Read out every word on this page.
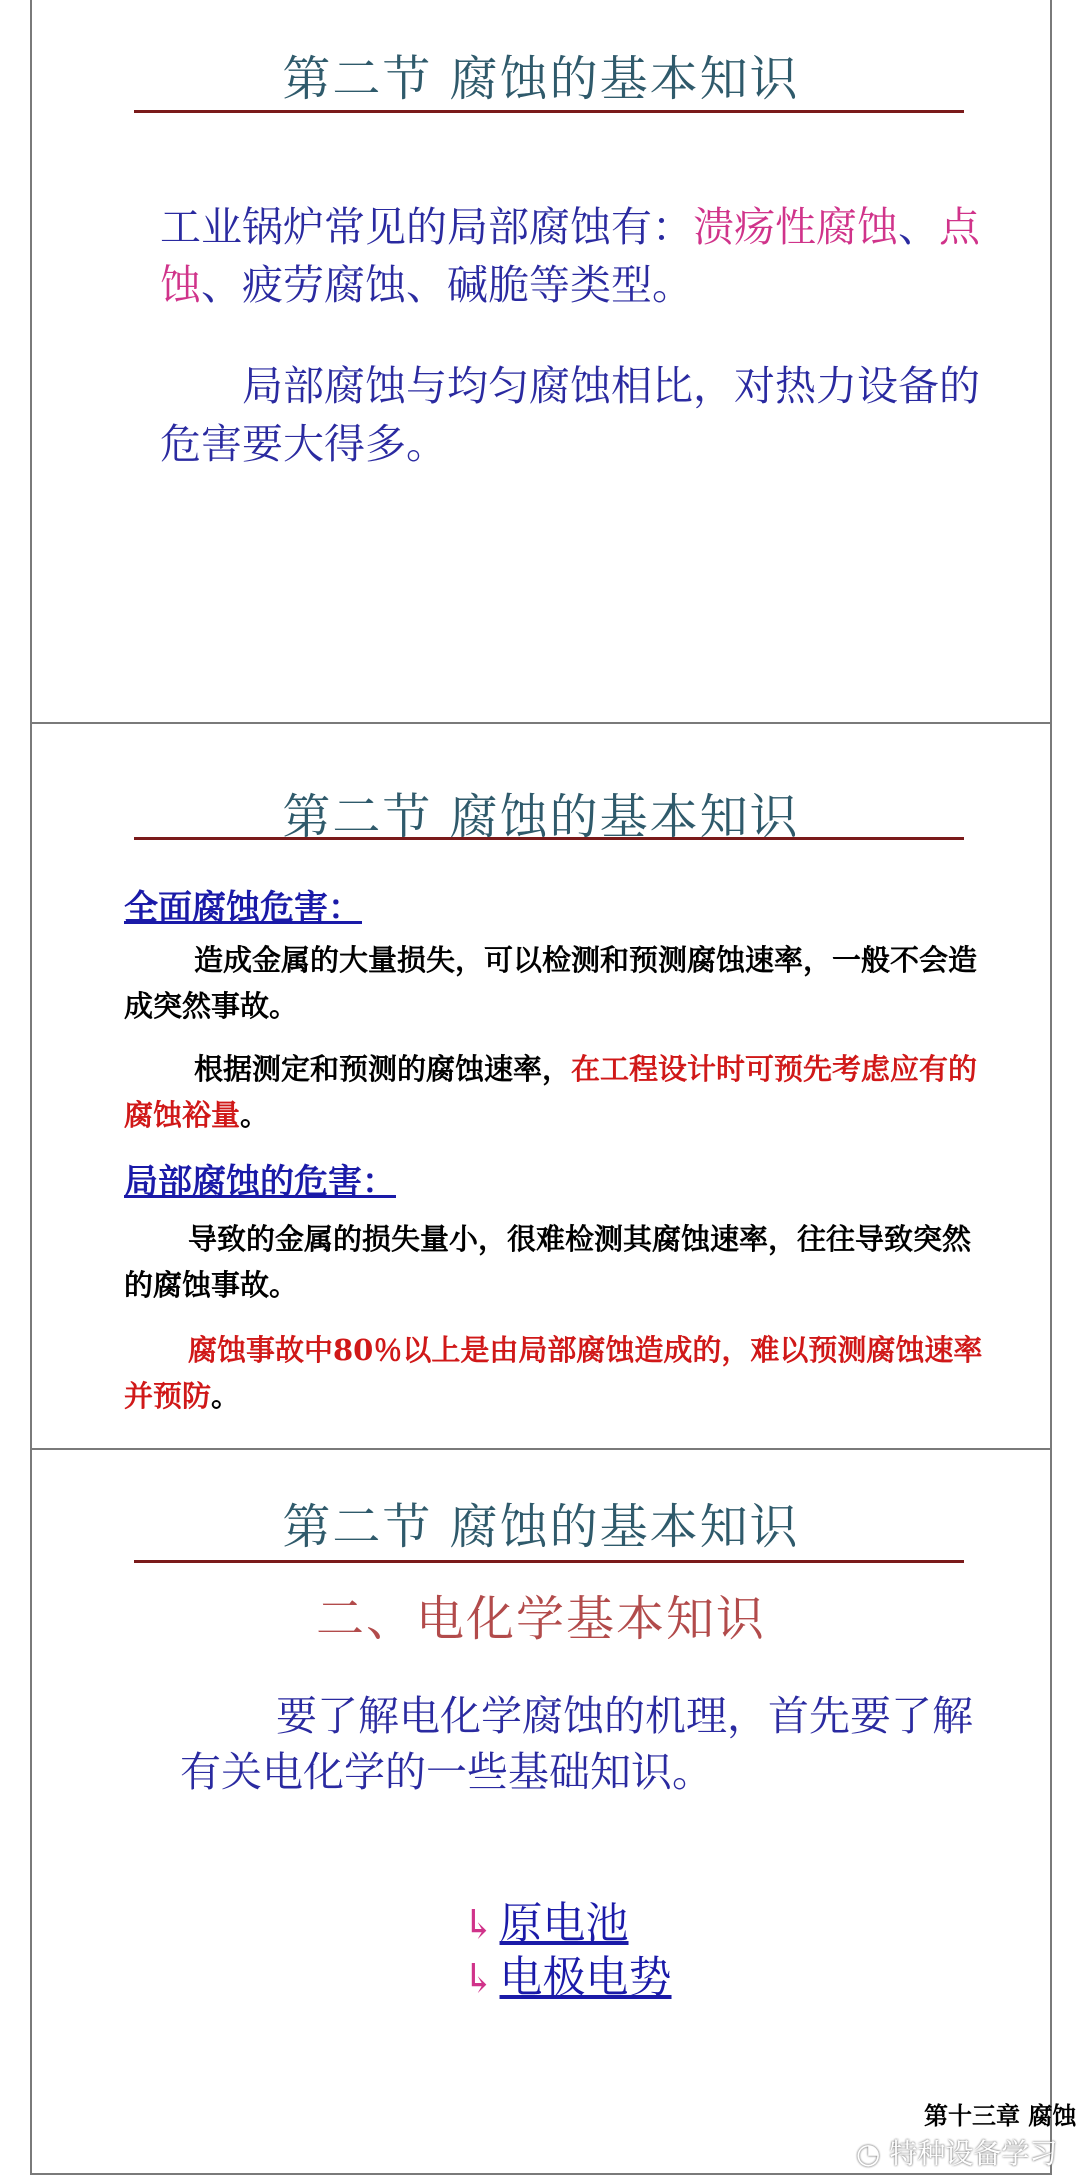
第二节 腐蚀的基本知识
工业锅炉常见的局部腐蚀有：溃疡性腐蚀、点蚀、疲劳腐蚀、碱脆等类型。
局部腐蚀与均匀腐蚀相比，对热力设备的危害要大得多。
第二节 腐蚀的基本知识
全面腐蚀危害：
造成金属的大量损失，可以检测和预测腐蚀速率，一般不会造成突然事故。
根据测定和预测的腐蚀速率，在工程设计时可预先考虑应有的腐蚀裕量。
局部腐蚀的危害：
导致的金属的损失量小，很难检测其腐蚀速率，往往导致突然的腐蚀事故。
腐蚀事故中80％以上是由局部腐蚀造成的，难以预测腐蚀速率并预防。
第二节 腐蚀的基本知识
二、电化学基本知识
要了解电化学腐蚀的机理，首先要了解有关电化学的一些基础知识。
↳原电池
↳电极电势
第十三章 腐蚀
◔ 特种设备学习
